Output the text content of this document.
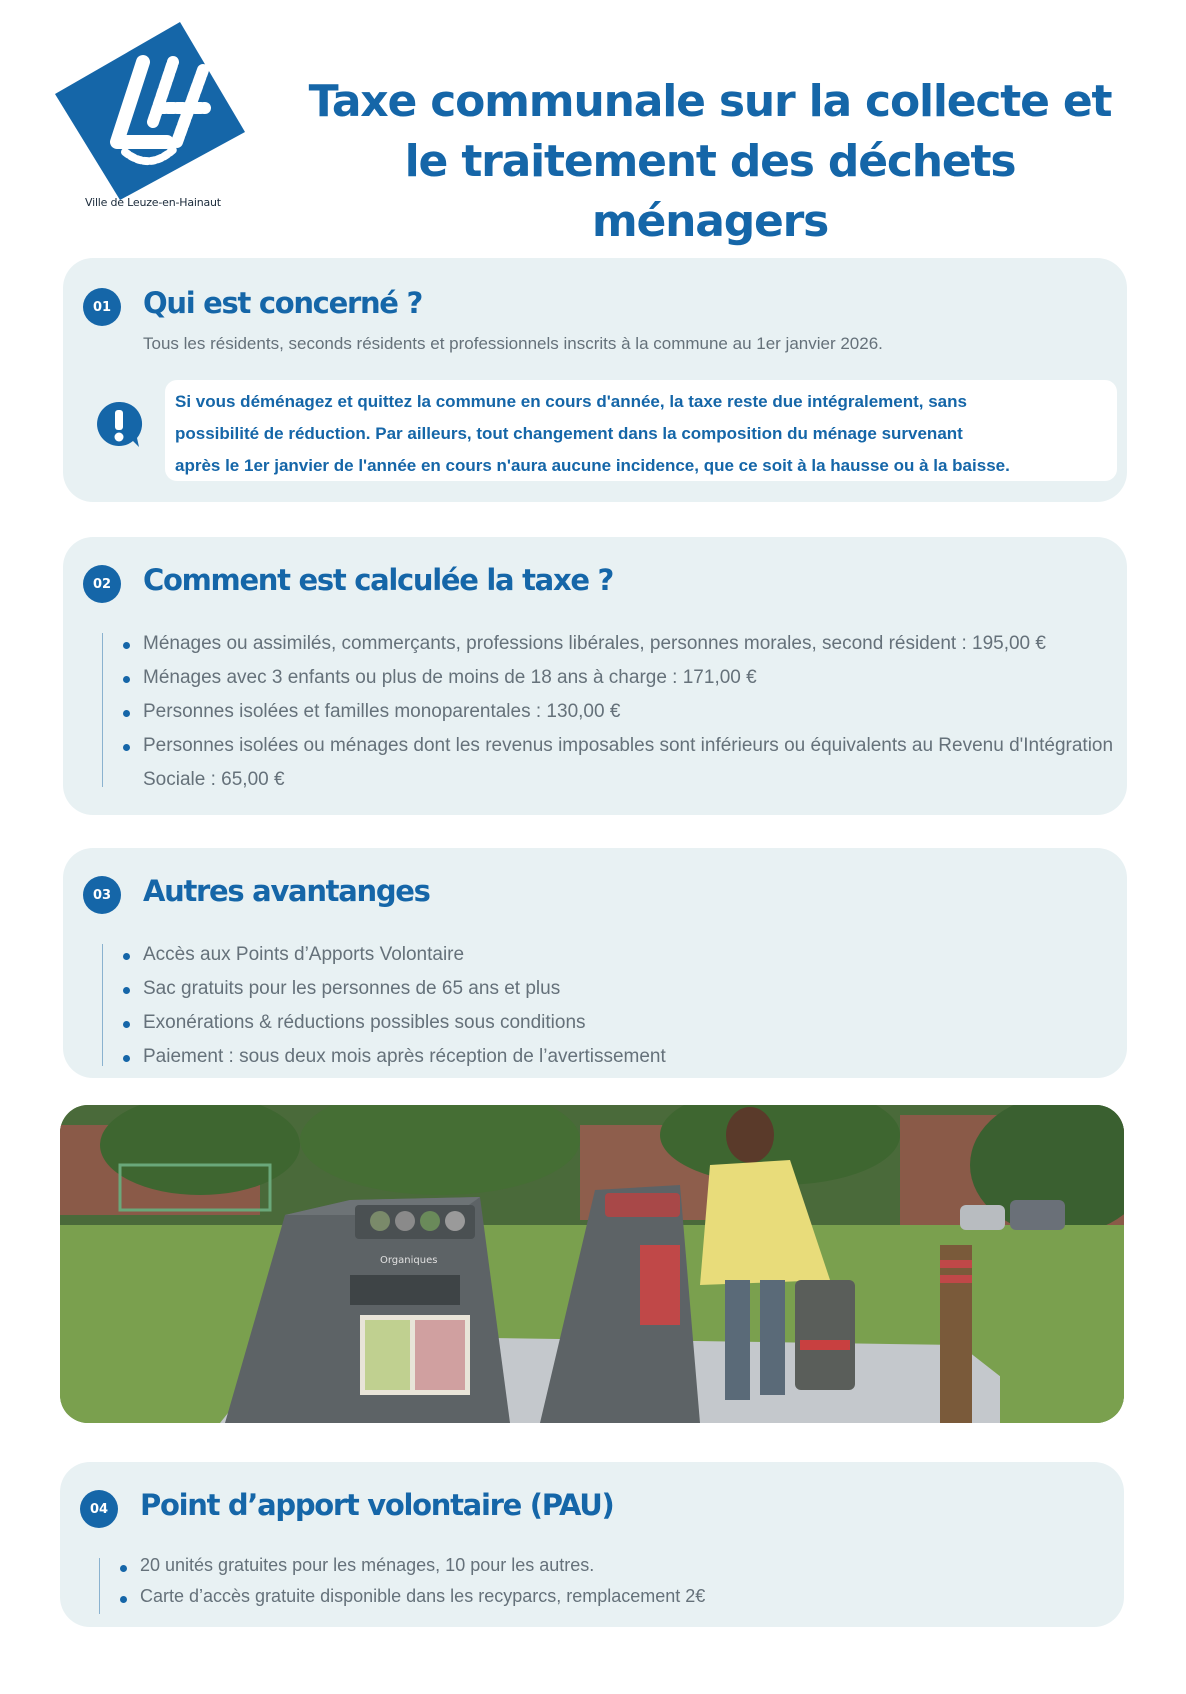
Ville de Leuze-en-Hainaut
Taxe communale sur la collecte et
le traitement des déchets ménagers
01	Qui est concerné ?
Tous les résidents, seconds résidents et professionnels inscrits à la commune au 1er janvier 2026.
Si vous déménagez et quittez la commune en cours d'année, la taxe reste due intégralement, sans
possibilité de réduction. Par ailleurs, tout changement dans la composition du ménage survenant
après le 1er janvier de l'année en cours n'aura aucune incidence, que ce soit à la hausse ou à la baisse.
02	Comment est calculée la taxe ?
Ménages ou assimilés, commerçants, professions libérales, personnes morales, second résident : 195,00 €
Ménages avec 3 enfants ou plus de moins de 18 ans à charge : 171,00 €
Personnes isolées et familles monoparentales : 130,00 €
Personnes isolées ou ménages dont les revenus imposables sont inférieurs ou équivalents au Revenu d'Intégration Sociale : 65,00 €
03	Autres avantanges
Accès aux Points d’Apports Volontaire
Sac gratuits pour les personnes de 65 ans et plus
Exonérations & réductions possibles sous conditions
Paiement : sous deux mois après réception de l’avertissement
Organiques
04	Point d’apport volontaire (PAU)
20 unités gratuites pour les ménages, 10 pour les autres.
Carte d’accès gratuite disponible dans les recyparcs, remplacement 2€
